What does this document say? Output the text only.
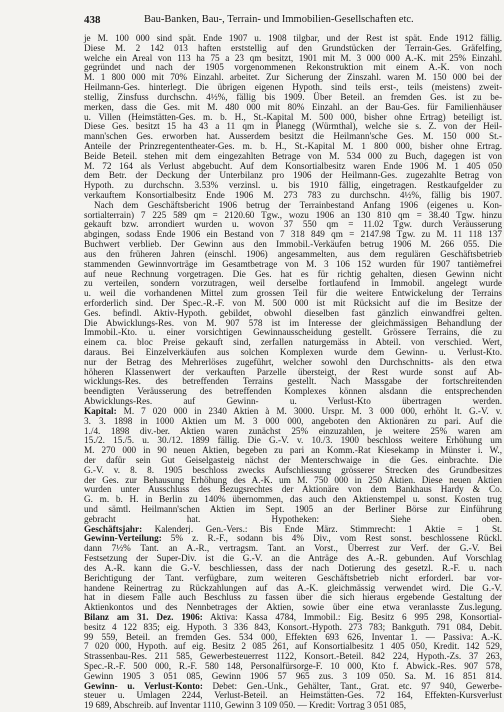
438	Bau-Banken, Bau-, Terrain- und Immobilien-Gesellschaften etc.
je M. 100 000 sind spät. Ende 1907 u. 1908 tilgbar, und der Rest ist spät. Ende 1912 fällig.
Diese M. 2 142 013 haften erststellig auf den Grundstücken der Terrain-Ges. Gräfelfing,
welche ein Areal von 113 ha 75 a 23 qm besitzt, 1901 mit M. 3 000 000 A.-K. mit 25% Einzahl.
gegründet und nach der 1905 vorgenommenen Rekonstruktion mit einem A.-K. von noch
M. 1 800 000 mit 70% Einzahl. arbeitet. Zur Sicherung der Zinszahl. waren M. 150 000 bei der
Heilmann-Ges. hinterlegt. Die übrigen eigenen Hypoth. sind teils erst-, teils (meistens) zweit-
stellig, Zinsfuss durchschn. 4½%, fällig bis 1909. Über Beteil. an fremden Ges. ist zu be-
merken, dass die Ges. mit M. 480 000 mit 80% Einzahl. an der Bau-Ges. für Familienhäuser
u. Villen (Heimstätten-Ges. m. b. H., St.-Kapital M. 500 000, bisher ohne Ertrag) beteiligt ist.
Diese Ges. besitzt 15 ha 43 a 11 qm in Planegg (Würmthal), welche sie s. Z. von der Heil-
mann'schen Ges. erworben hat. Ausserdem besitzt die Heilmann'sche Ges. M. 150 000 St.-
Anteile der Prinzregententheater-Ges. m. b. H., St.-Kapital M. 1 800 000, bisher ohne Ertrag.
Beide Beteil. stehen mit dem eingezahlten Betrage von M. 534 000 zu Buch, dagegen ist von
M. 72 164 als Verlust abgebucht. Auf dem Konsortialbesitz waren Ende 1906 M. 1 405 050
dem Betr. der Deckung der Unterbilanz pro 1906 der Heilmann-Ges. zugezahlte Betrag von
Hypoth. zu durchschn. 3.53% verzinsl. u. bis 1910 fällig, eingetragen. Restkaufgelder zu
verkauftem Konsortialbesitz Ende 1906 M. 273 783 zu durchschn. 4½%, fällig bis 1907.
Nach dem Geschäftsbericht 1906 betrug der Terrainbestand Anfang 1906 (eigenes u. Kon-
sortialterrain) 7 225 589 qm = 2120.60 Tgw., wozu 1906 an 130 810 qm = 38.40 Tgw. hinzu
gekauft bzw. arrondiert wurden u. wovon 37 550 qm = 11.02 Tgw. durch Veräusserung
abgingen, sodass Ende 1906 ein Bestand von 7 318 849 qm = 2147.98 Tgw. zu M. 11 118 137
Buchwert verblieb. Der Gewinn aus den Immobil.-Verkäufen betrug 1906 M. 266 055. Die
aus den früheren Jahren (einschl. 1906) angesammelten, aus dem regulären Geschäftsbetrieb
stammenden Gewinnvorträge im Gesamtbetrage von M. 3 106 152 wurden für 1907 tantièmefrei
auf neue Rechnung vorgetragen. Die Ges. hat es für richtig gehalten, diesen Gewinn nicht
zu verteilen, sondern vorzutragen, weil derselbe fortlaufend in Immobil. angelegt wurde
u. weil die vorhandenen Mittel zum grossen Teil für die weitere Entwickelung der Terrains
erforderlich sind. Der Spec.-R.-F. von M. 500 000 ist mit Rücksicht auf die im Besitze der
Ges. befindl. Aktiv-Hypoth. gebildet, obwohl dieselben fast gänzlich einwandfrei gelten.
Die Abwicklungs-Res. von M. 907 578 ist im Interesse der gleichmässigen Behandlung der
Immobil.-Kto. u. einer vorsichtigen Gewinnausscheidung gestellt. Grössere Terrains, die zu
einem ca. bloc Preise gekauft sind, zerfallen naturgemäss in Abteil. von verschied. Wert,
daraus. Bei Einzelverkäufen aus solchen Komplexen wurde dem Gewinn- u. Verlust-Kto.
nur der Betrag des Mehrerlöses zugeführt, welcher sowohl den Durchschnitts- als den etwa
höheren Klassenwert der verkauften Parzelle übersteigt, der Rest wurde sonst auf Ab-
wicklungs-Res. des betreffenden Terrains gestellt. Nach Massgabe der fortschreitenden
beendigten Veräusserung des betreffenden Komplexes können alsdann die entsprechenden
Abwicklungs-Res. auf Gewinn- u. Verlust-Kto übertragen werden.
Kapital: M. 7 020 000 in 2340 Aktien à M. 3000. Urspr. M. 3 000 000, erhöht lt. G.-V. v.
3. 3. 1898 in 1000 Aktien um M. 3 000 000, angeboten den Aktionären zu pari. Auf die
1./4. 1898 div.-ber. Aktien waren zunächst 25% einzuzahlen, je weitere 25% waren am
15./2. 15./5. u. 30./12. 1899 fällig. Die G.-V. v. 10./3. 1900 beschloss weitere Erhöhung um
M. 270 000 in 90 neuen Aktien, begeben zu pari an Komm.-Rat Kiesekamp in Münster i. W.,
der dafür sein Gut Geiselgasteig nächst der Menterschwaige in die Ges. einbrachte. Die
G.-V. v. 8. 8. 1905 beschloss zwecks Aufschliessung grösserer Strecken des Grundbesitzes
der Ges. zur Behausung Erhöhung des A.-K. um M. 750 000 in 250 Aktien. Diese neuen Aktien
wurden unter Ausschluss des Bezugsrechtes der Aktionäre von dem Bankhaus Hardy & Co.
G. m. b. H. in Berlin zu 140% übernommen, das auch den Aktienstempel u. sonst. Kosten trug
und sämtl. Heilmann'schen Aktien im Sept. 1905 an der Berliner Börse zur Einführung
gebracht hat. Hypotheken: Siehe oben.
Geschäftsjahr: Kalenderj. Gen.-Vers.: Bis Ende März. Stimmrecht: 1 Aktie = 1 St.
Gewinn-Verteilung: 5% z. R.-F., sodann bis 4% Div., vom Rest sonst. beschlossene Rückl.
dann 7½% Tant. an A.-R., vertragsm. Tant. an Vorst., Überrest zur Verf. der G.-V. Bei
Festsetzung der Super-Div. ist die G.-V. an die Anträge des A.-R. gebunden. Auf Vorschlag
des A.-R. kann die G.-V. beschliessen, dass der nach Dotierung des gesetzl. R.-F. u. nach
Berichtigung der Tant. verfügbare, zum weiteren Geschäftsbetrieb nicht erforderl. bar vor-
handene Reinertrag zu Rückzahlungen auf das A.-K. gleichmässig verwendet wird. Die G.-V.
hat in diesem Falle auch Beschluss zu fassen über die sich hieraus ergebende Gestaltung der
Aktienkontos und des Nennbetrages der Aktien, sowie über eine etwa veranlasste Zus.legung.
Bilanz am 31. Dez. 1906: Aktiva: Kassa 4784, Immobil.: Eig. Besitz 6 995 298, Konsortial-
besitz 4 122 835; eig. Hypoth. 3 336 843, Konsort.-Hypoth. 273 783; Bankguth. 791 084, Debit.
99 559, Beteil. an fremden Ges. 534 000, Effekten 693 626, Inventar 1. — Passiva: A.-K.
7 020 000, Hypoth. auf eig. Besitz 2 085 261, auf Konsortialbesitz 1 405 050, Kredit. 142 529,
Strassenbau-Res. 211 585, Gewerbesteuerrest 1122, Konsort.-Beteil. 842 224, Hypoth.-Zs. 37 263,
Spec.-R.-F. 500 000, R.-F. 580 148, Personalfürsorge-F. 10 000, Kto f. Abwick.-Res. 907 578,
Gewinn 1905 3 051 085, Gewinn 1906 57 965 zus. 3 109 050. Sa. M. 16 851 814.
Gewinn- u. Verlust-Konto: Debet: Gen.-Unk., Gehälter, Tant., Grat. etc. 97 940, Gewerbe-
steuer u. Umlagen 2244, Verlust-Beteil. an Heimstätten-Ges. 72 164, Effekten-Kursverlust
19 689, Abschreib. auf Inventar 1110, Gewinn 3 109 050. — Kredit: Vortrag 3 051 085,
